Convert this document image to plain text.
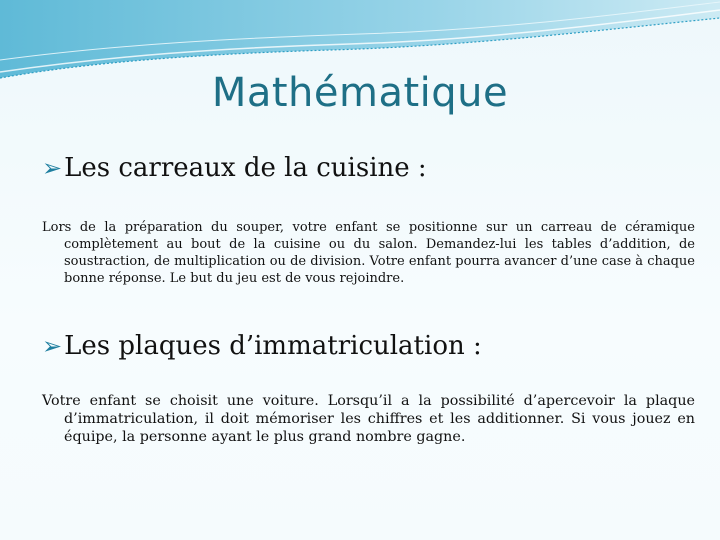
Mathématique
➢Les carreaux de la cuisine :

Lors de la préparation du souper, votre enfant se positionne sur un carreau de céramique complètement au bout de la cuisine ou du salon. Demandez-lui les tables d’addition, de soustraction, de multiplication ou de division. Votre enfant pourra avancer d’une case à chaque bonne réponse. Le but du jeu est de vous rejoindre.

➢Les plaques d’immatriculation :

Votre enfant se choisit une voiture. Lorsqu’il a la possibilité d’apercevoir la plaque d’immatriculation, il doit mémoriser les chiffres et les additionner. Si vous jouez en équipe, la personne ayant le plus grand nombre gagne.
